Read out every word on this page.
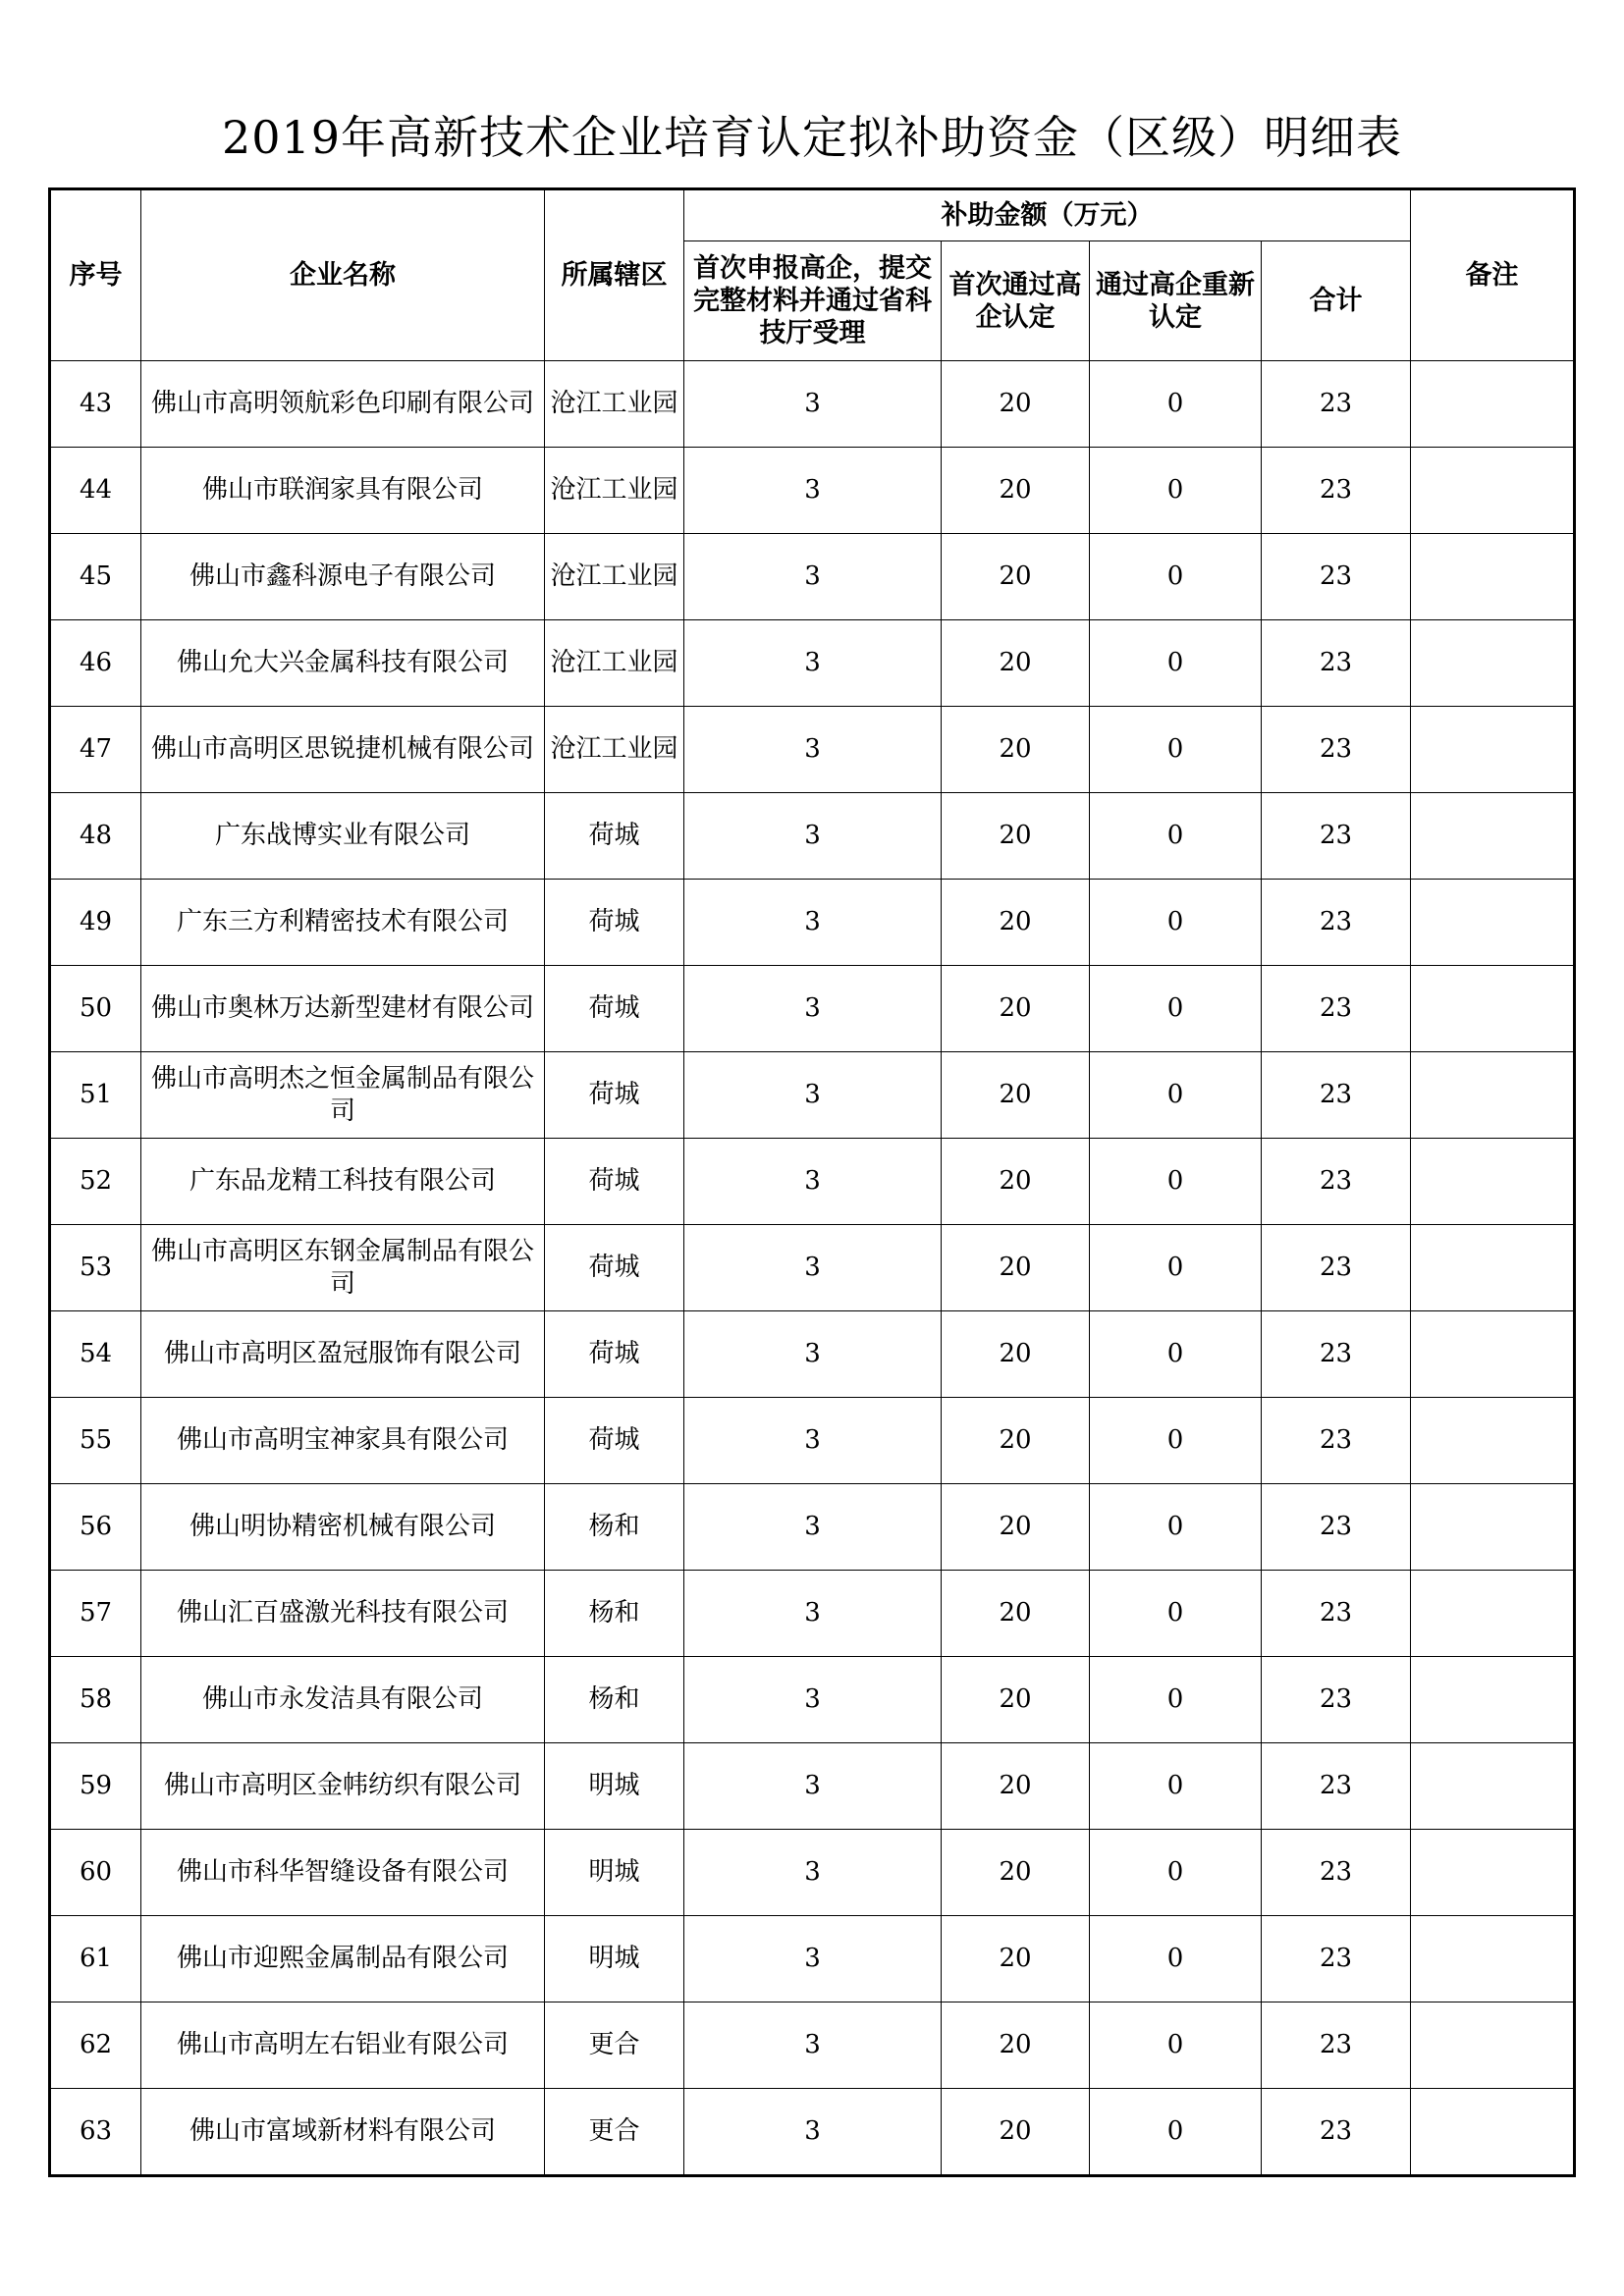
2019年高新技术企业培育认定拟补助资金（区级）明细表
序号	企业名称	所属辖区	补助金额（万元）				备注
			首次申报高企，提交完整材料并通过省科技厅受理	首次通过高企认定	通过高企重新认定	合计	
43	佛山市高明领航彩色印刷有限公司	沧江工业园	3	20	0	23	
44	佛山市联润家具有限公司	沧江工业园	3	20	0	23	
45	佛山市鑫科源电子有限公司	沧江工业园	3	20	0	23	
46	佛山允大兴金属科技有限公司	沧江工业园	3	20	0	23	
47	佛山市高明区思锐捷机械有限公司	沧江工业园	3	20	0	23	
48	广东战博实业有限公司	荷城	3	20	0	23	
49	广东三方利精密技术有限公司	荷城	3	20	0	23	
50	佛山市奥林万达新型建材有限公司	荷城	3	20	0	23	
51	佛山市高明杰之恒金属制品有限公司	荷城	3	20	0	23	
52	广东品龙精工科技有限公司	荷城	3	20	0	23	
53	佛山市高明区东钢金属制品有限公司	荷城	3	20	0	23	
54	佛山市高明区盈冠服饰有限公司	荷城	3	20	0	23	
55	佛山市高明宝神家具有限公司	荷城	3	20	0	23	
56	佛山明协精密机械有限公司	杨和	3	20	0	23	
57	佛山汇百盛激光科技有限公司	杨和	3	20	0	23	
58	佛山市永发洁具有限公司	杨和	3	20	0	23	
59	佛山市高明区金帏纺织有限公司	明城	3	20	0	23	
60	佛山市科华智缝设备有限公司	明城	3	20	0	23	
61	佛山市迎熙金属制品有限公司	明城	3	20	0	23	
62	佛山市高明左右铝业有限公司	更合	3	20	0	23	
63	佛山市富域新材料有限公司	更合	3	20	0	23	
